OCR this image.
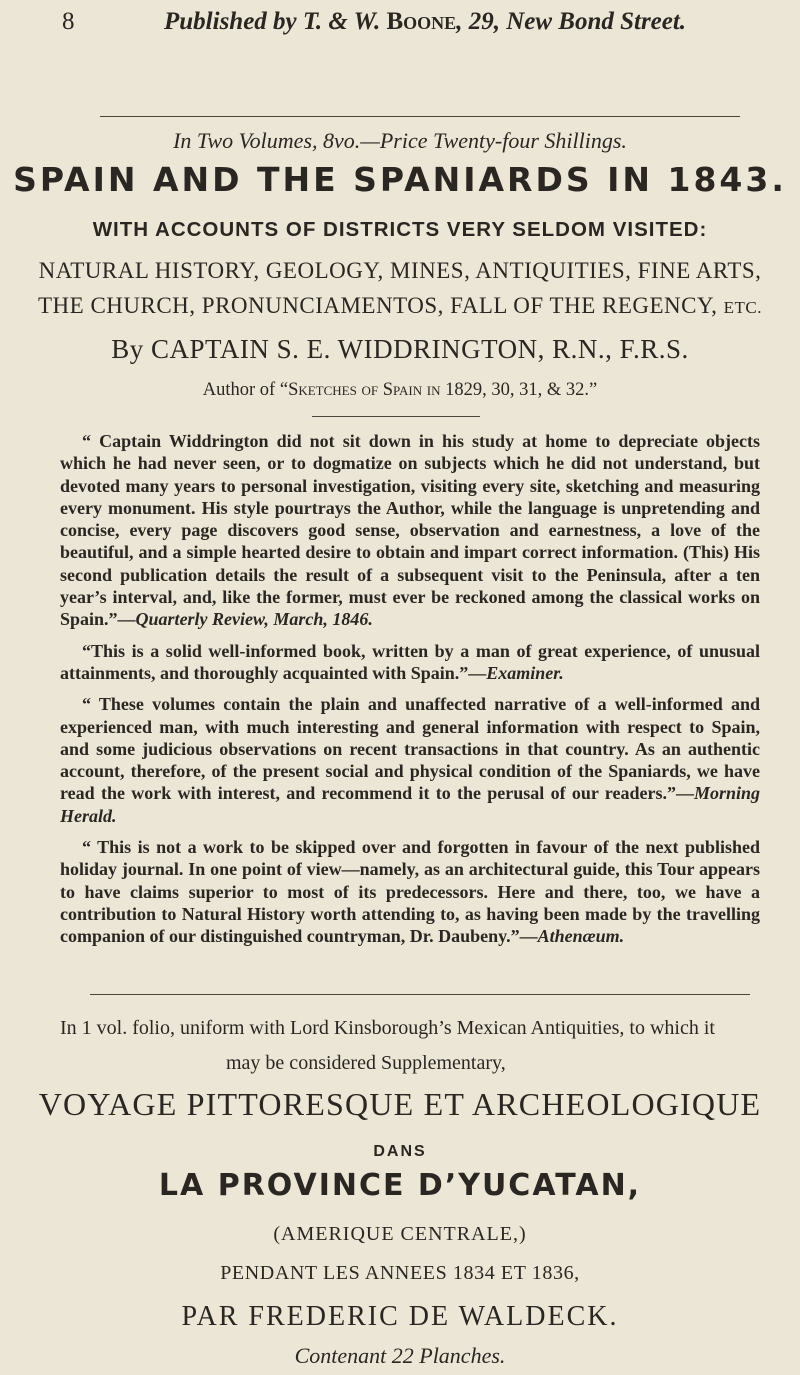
8	Published by T. & W. Boone, 29, New Bond Street.
In Two Volumes, 8vo.—Price Twenty-four Shillings.
SPAIN AND THE SPANIARDS IN 1843.
WITH ACCOUNTS OF DISTRICTS VERY SELDOM VISITED:
NATURAL HISTORY, GEOLOGY, MINES, ANTIQUITIES, FINE ARTS,
THE CHURCH, PRONUNCIAMENTOS, FALL OF THE REGENCY, ETC.
By CAPTAIN S. E. WIDDRINGTON, R.N., F.R.S.
Author of “Sketches of Spain in 1829, 30, 31, & 32.”

“ Captain Widdrington did not sit down in his study at home to depreciate objects which he had never seen, or to dogmatize on subjects which he did not understand, but devoted many years to personal investigation, visiting every site, sketching and measuring every monument. His style pourtrays the Author, while the language is unpretending and concise, every page discovers good sense, observation and earnestness, a love of the beautiful, and a simple hearted desire to obtain and impart correct information. (This) His second publication details the result of a subsequent visit to the Peninsula, after a ten year’s interval, and, like the former, must ever be reckoned among the classical works on Spain.”—Quarterly Review, March, 1846.

“This is a solid well-informed book, written by a man of great experience, of unusual attainments, and thoroughly acquainted with Spain.”—Examiner.

“ These volumes contain the plain and unaffected narrative of a well-informed and experienced man, with much interesting and general information with respect to Spain, and some judicious observations on recent transactions in that country. As an authentic account, therefore, of the present social and physical condition of the Spaniards, we have read the work with interest, and recommend it to the perusal of our readers.”—Morning Herald.

“ This is not a work to be skipped over and forgotten in favour of the next published holiday journal. In one point of view—namely, as an architectural guide, this Tour appears to have claims superior to most of its predecessors. Here and there, too, we have a contribution to Natural History worth attending to, as having been made by the travelling companion of our distinguished countryman, Dr. Daubeny.”—Athenæum.

In 1 vol. folio, uniform with Lord Kinsborough’s Mexican Antiquities, to which it
may be considered Supplementary,
VOYAGE PITTORESQUE ET ARCHEOLOGIQUE
DANS
LA PROVINCE D’YUCATAN,
(AMERIQUE CENTRALE,)
PENDANT LES ANNEES 1834 ET 1836,
PAR FREDERIC DE WALDECK.
Contenant 22 Planches.
